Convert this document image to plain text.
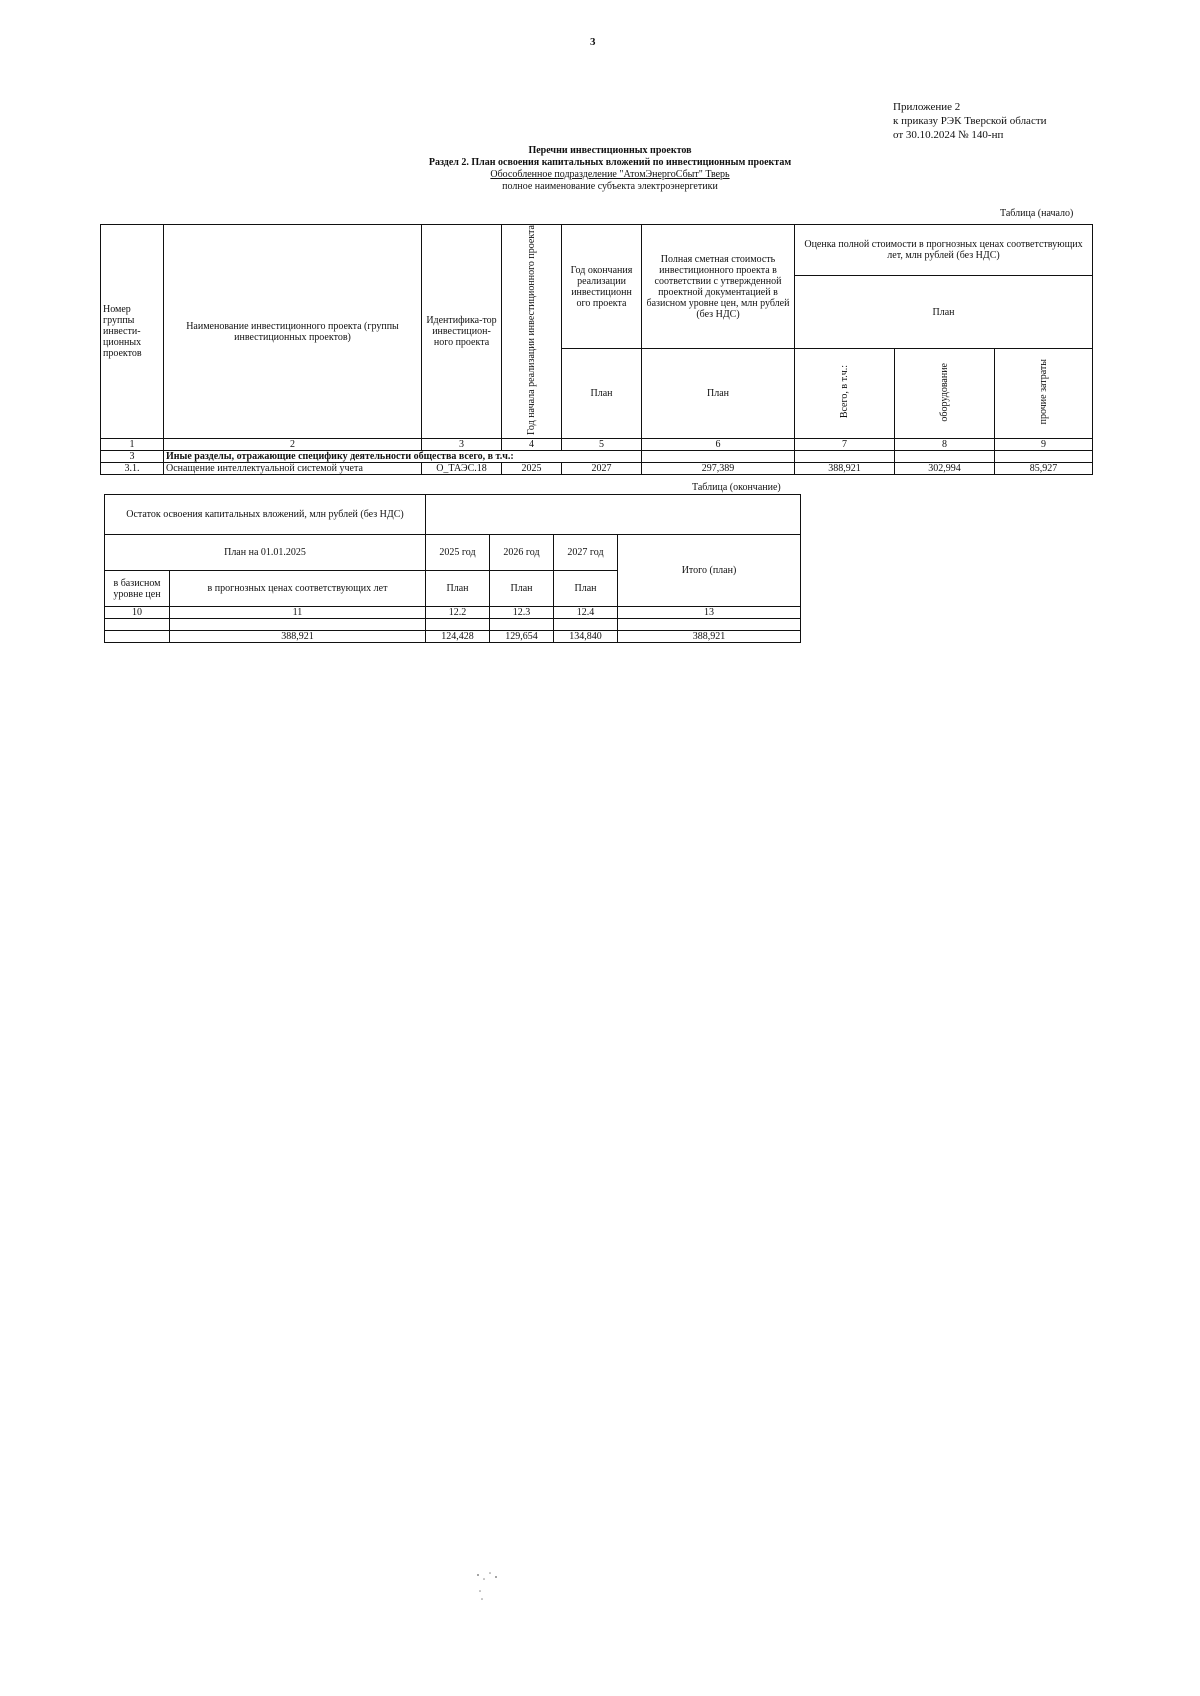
3
Приложение 2
к приказу РЭК Тверской области
от 30.10.2024 № 140-нп
Перечни инвестиционных проектов
Раздел 2. План освоения капитальных вложений по инвестиционным проектам
Обособленное подразделение "АтомЭнергоСбыт" Тверь
полное наименование субъекта электроэнергетики
Таблица (начало)
Номер группы инвести-ционных проектов	Наименование инвестиционного проекта (группы инвестиционных проектов)	Идентифика-тор инвестицион-ного проекта	Год начала реализации инвестиционного проекта	Год окончания реализации инвестиционн ого проекта	Полная сметная стоимость инвестиционного проекта в соответствии с утвержденной проектной документацией в базисном уровне цен, млн рублей (без НДС)	Оценка полной стоимости в прогнозных ценах соответствующих лет, млн рублей (без НДС)		
						План		
				План	План	Всего, в т.ч.:	оборудование	прочие затраты
1	2	3	4	5	6	7	8	9
3	Иные разделы, отражающие специфику деятельности общества всего, в т.ч.:							
3.1.	Оснащение интеллектуальной системой учета	О_ТАЭС.18	2025	2027	297,389	388,921	302,994	85,927
Таблица (окончание)
Остаток освоения капитальных вложений, млн рублей (без НДС)					
План на 01.01.2025		2025 год	2026 год	2027 год	Итого (план)
в базисном уровне цен	в прогнозных ценах соответствующих лет	План	План	План	
10	11	12.2	12.3	12.4	13

	388,921	124,428	129,654	134,840	388,921
